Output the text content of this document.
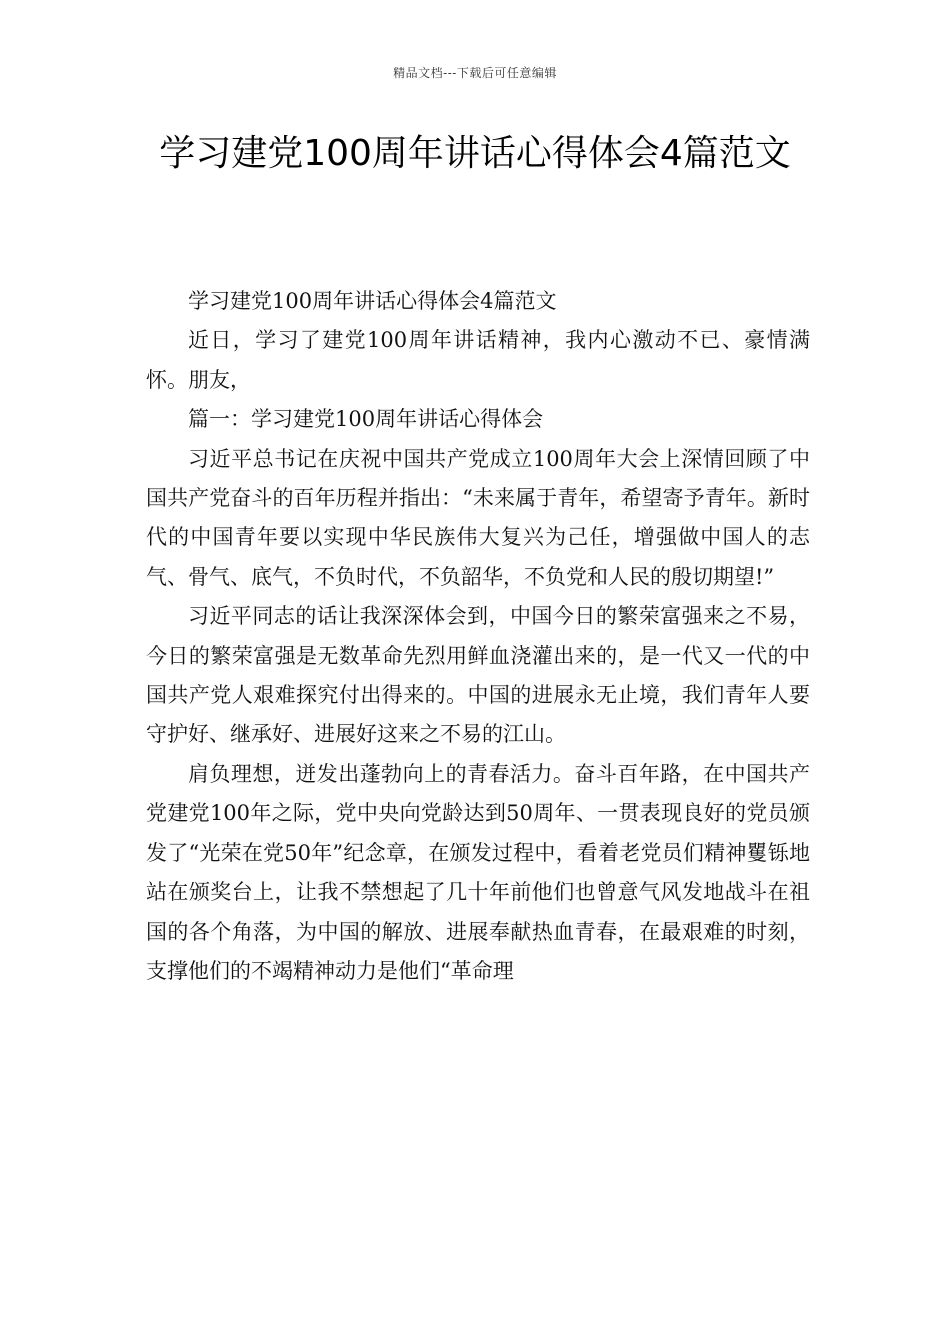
精品文档---下载后可任意编辑
学习建党100周年讲话心得体会4篇范文

学习建党100周年讲话心得体会4篇范文

近日，学习了建党100周年讲话精神，我内心激动不已、豪情满怀。朋友，

篇一：学习建党100周年讲话心得体会

习近平总书记在庆祝中国共产党成立100周年大会上深情回顾了中国共产党奋斗的百年历程并指出：“未来属于青年，希望寄予青年。新时代的中国青年要以实现中华民族伟大复兴为己任，增强做中国人的志气、骨气、底气，不负时代，不负韶华，不负党和人民的殷切期望!”

习近平同志的话让我深深体会到，中国今日的繁荣富强来之不易，今日的繁荣富强是无数革命先烈用鲜血浇灌出来的，是一代又一代的中国共产党人艰难探究付出得来的。中国的进展永无止境，我们青年人要守护好、继承好、进展好这来之不易的江山。

肩负理想，迸发出蓬勃向上的青春活力。奋斗百年路，在中国共产党建党100年之际，党中央向党龄达到50周年、一贯表现良好的党员颁发了“光荣在党50年”纪念章，在颁发过程中，看着老党员们精神矍铄地站在颁奖台上，让我不禁想起了几十年前他们也曾意气风发地战斗在祖国的各个角落，为中国的解放、进展奉献热血青春，在最艰难的时刻，支撑他们的不竭精神动力是他们“革命理
